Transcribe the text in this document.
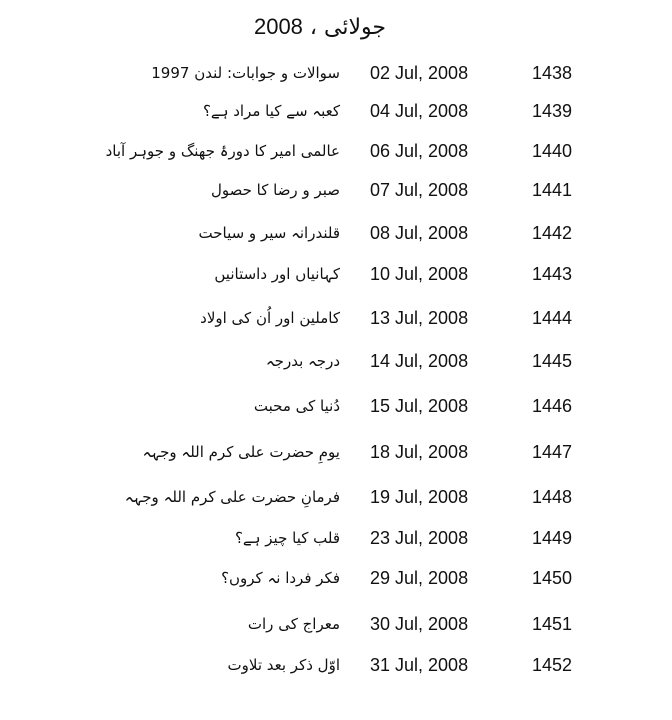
جولائی ، 2008
سوالات و جوابات: لندن 1997 02 Jul, 2008	1438
کعبہ سے کیا مراد ہے؟ 04 Jul, 2008	1439
عالمی امیر کا دورۂ جھنگ و جوہر آباد 06 Jul, 2008	1440
صبر و رضا کا حصول 07 Jul, 2008	1441
قلندرانہ سیر و سیاحت 08 Jul, 2008	1442
کہانیاں اور داستانیں 10 Jul, 2008	1443
کاملین اور اُن کی اولاد 13 Jul, 2008	1444
درجہ بدرجہ 14 Jul, 2008	1445
دُنیا کی محبت 15 Jul, 2008	1446
یومِ حضرت علی کرم اللہ وجہہ 18 Jul, 2008	1447
فرمانِ حضرت علی کرم اللہ وجہہ 19 Jul, 2008	1448
قلب کیا چیز ہے؟ 23 Jul, 2008	1449
فکر فردا نہ کروں؟ 29 Jul, 2008	1450
معراج کی رات 30 Jul, 2008	1451
اوّل ذکر بعد تلاوت 31 Jul, 2008	1452
